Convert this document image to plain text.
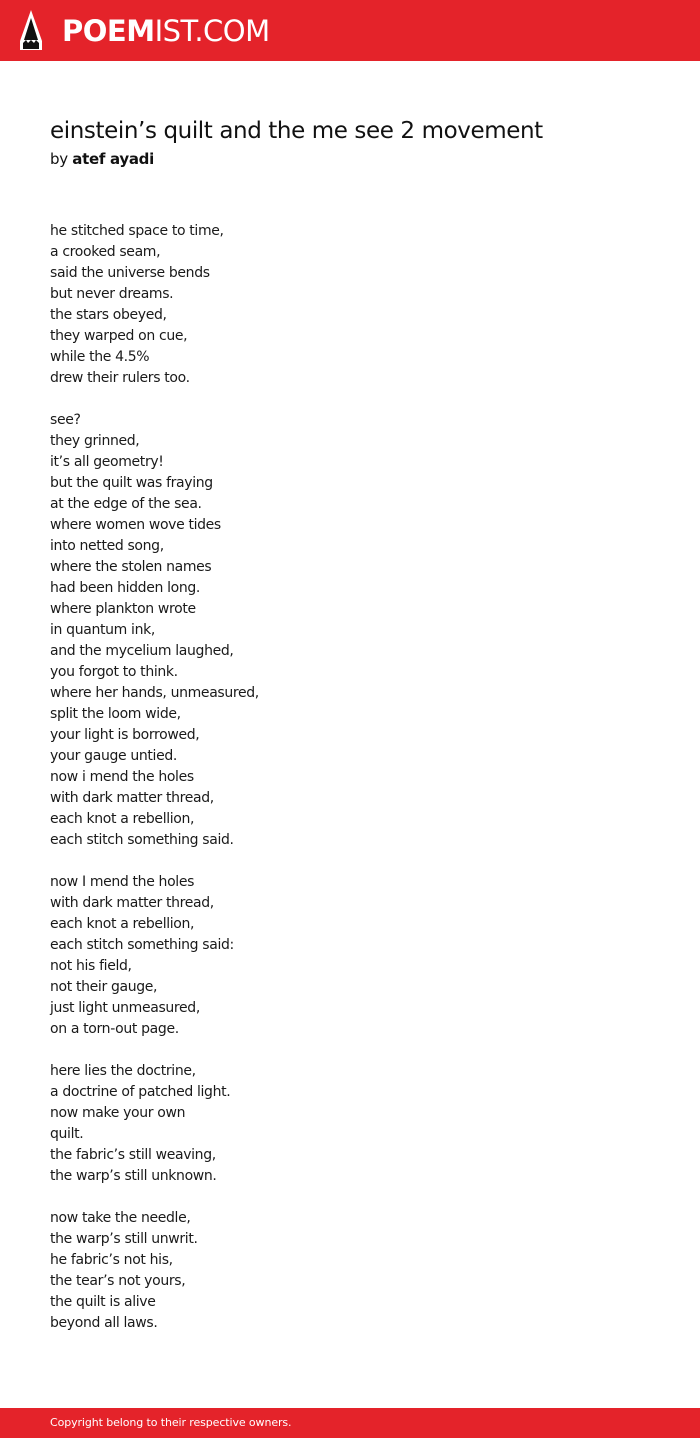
POEMIST.COM
einstein’s quilt and the me see 2 movement
by atef ayadi
he stitched space to time,
a crooked seam,
said the universe bends
but never dreams.
the stars obeyed,
they warped on cue,
while the 4.5%
drew their rulers too.
see?
they grinned,
it’s all geometry!
but the quilt was fraying
at the edge of the sea.
where women wove tides
into netted song,
where the stolen names
had been hidden long.
where plankton wrote
in quantum ink,
and the mycelium laughed,
you forgot to think.
where her hands, unmeasured,
split the loom wide,
your light is borrowed,
your gauge untied.
now i mend the holes
with dark matter thread,
each knot a rebellion,
each stitch something said.
now I mend the holes
with dark matter thread,
each knot a rebellion,
each stitch something said:
not his field,
not their gauge,
just light unmeasured,
on a torn-out page.
here lies the doctrine,
a doctrine of patched light.
now make your own
quilt.
the fabric’s still weaving,
the warp’s still unknown.
now take the needle,
the warp’s still unwrit.
he fabric’s not his,
the tear’s not yours,
the quilt is alive
beyond all laws.
Copyright belong to their respective owners.
